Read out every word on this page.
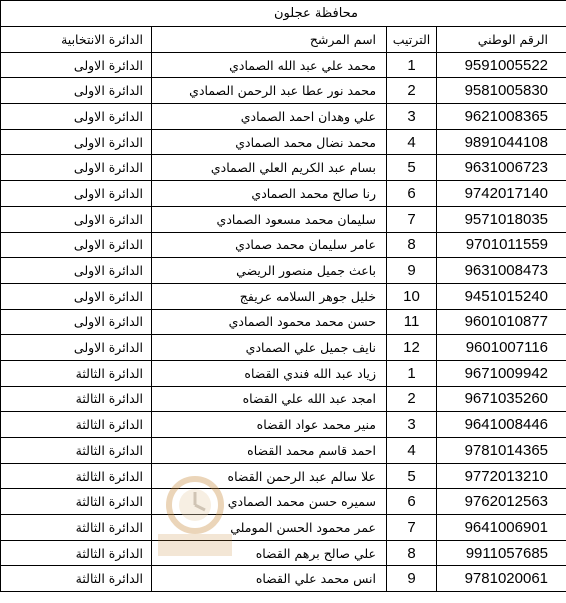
محافظة عجلون			
الرقم الوطني	الترتيب	اسم المرشح	الدائرة الانتخابية
9591005522	1	محمد علي عبد الله الصمادي	الدائرة الاولى
9581005830	2	محمد نور عطا عبد الرحمن الصمادي	الدائرة الاولى
9621008365	3	علي وهدان احمد الصمادي	الدائرة الاولى
9891044108	4	محمد نضال محمد الصمادي	الدائرة الاولى
9631006723	5	بسام عبد الكريم العلي الصمادي	الدائرة الاولى
9742017140	6	رنا صالح محمد الصمادي	الدائرة الاولى
9571018035	7	سليمان محمد مسعود الصمادي	الدائرة الاولى
9701011559	8	عامر سليمان محمد صمادي	الدائرة الاولى
9631008473	9	باعث جميل منصور الريضي	الدائرة الاولى
9451015240	10	خليل جوهر السلامه عريفج	الدائرة الاولى
9601010877	11	حسن محمد محمود الصمادي	الدائرة الاولى
9601007116	12	نايف جميل علي الصمادي	الدائرة الاولى
9671009942	1	زياد عبد الله فندي القضاه	الدائرة الثالثة
9671035260	2	امجد عبد الله علي القضاه	الدائرة الثالثة
9641008446	3	منير محمد عواد القضاه	الدائرة الثالثة
9781014365	4	احمد قاسم محمد القضاه	الدائرة الثالثة
9772013210	5	علا سالم عبد الرحمن القضاه	الدائرة الثالثة
9762012563	6	سميره حسن محمد الصمادي	الدائرة الثالثة
9641006901	7	عمر محمود الحسن الموملي	الدائرة الثالثة
9911057685	8	علي صالح برهم القضاه	الدائرة الثالثة
9781020061	9	انس محمد علي القضاه	الدائرة الثالثة
